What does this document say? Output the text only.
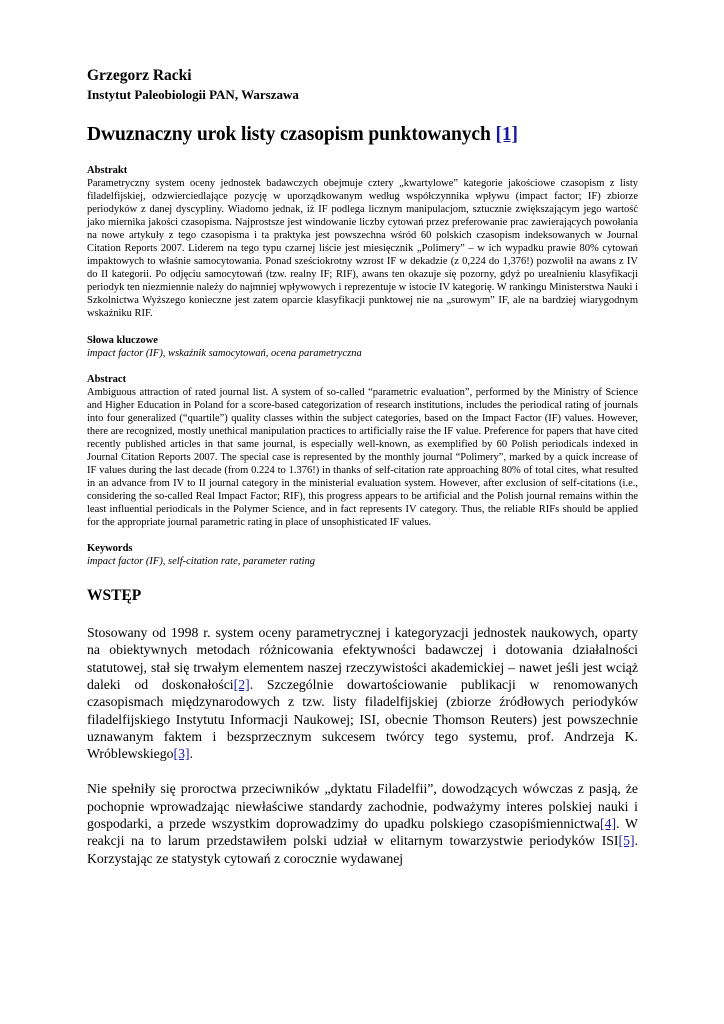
Grzegorz Racki

Instytut Paleobiologii PAN, Warszawa

Dwuznaczny urok listy czasopism punktowanych [1]

Abstrakt

Parametryczny system oceny jednostek badawczych obejmuje cztery „kwartylowe” kategorie jakościowe czasopism z listy filadelfijskiej, odzwierciedlające pozycję w uporządkowanym według współczynnika wpływu (impact factor; IF) zbiorze periodyków z danej dyscypliny. Wiadomo jednak, iż IF podlega licznym manipulacjom, sztucznie zwiększającym jego wartość jako miernika jakości czasopisma. Najprostsze jest windowanie liczby cytowań przez preferowanie prac zawierających powołania na nowe artykuły z tego czasopisma i ta praktyka jest powszechna wśród 60 polskich czasopism indeksowanych w Journal Citation Reports 2007. Liderem na tego typu czarnej liście jest miesięcznik „Polimery” – w ich wypadku prawie 80% cytowań impaktowych to właśnie samocytowania. Ponad sześciokrotny wzrost IF w dekadzie (z 0,224 do 1,376!) pozwolił na awans z IV do II kategorii. Po odjęciu samocytowań (tzw. realny IF; RIF), awans ten okazuje się pozorny, gdyż po urealnieniu klasyfikacji periodyk ten niezmiennie należy do najmniej wpływowych i reprezentuje w istocie IV kategorię. W rankingu Ministerstwa Nauki i Szkolnictwa Wyższego konieczne jest zatem oparcie klasyfikacji punktowej nie na „surowym” IF, ale na bardziej wiarygodnym wskaźniku RIF.

Słowa kluczowe

impact factor (IF), wskaźnik samocytowań, ocena parametryczna

Abstract

Ambiguous attraction of rated journal list. A system of so-called “parametric evaluation”, performed by the Ministry of Science and Higher Education in Poland for a score-based categorization of research institutions, includes the periodical rating of journals into four generalized (“quartile”) quality classes within the subject categories, based on the Impact Factor (IF) values. However, there are recognized, mostly unethical manipulation practices to artificially raise the IF value. Preference for papers that have cited recently published articles in that same journal, is especially well-known, as exemplified by 60 Polish periodicals indexed in Journal Citation Reports 2007. The special case is represented by the monthly journal “Polimery”, marked by a quick increase of IF values during the last decade (from 0.224 to 1.376!) in thanks of self-citation rate approaching 80% of total cites, what resulted in an advance from IV to II journal category in the ministerial evaluation system. However, after exclusion of self-citations (i.e., considering the so-called Real Impact Factor; RIF), this progress appears to be artificial and the Polish journal remains within the least influential periodicals in the Polymer Science, and in fact represents IV category. Thus, the reliable RIFs should be applied for the appropriate journal parametric rating in place of unsophisticated IF values.

Keywords

impact factor (IF), self-citation rate, parameter rating

WSTĘP

Stosowany od 1998 r. system oceny parametrycznej i kategoryzacji jednostek naukowych, oparty na obiektywnych metodach różnicowania efektywności badawczej i dotowania działalności statutowej, stał się trwałym elementem naszej rzeczywistości akademickiej – nawet jeśli jest wciąż daleki od doskonałości[2]. Szczególnie dowartościowanie publikacji w renomowanych czasopismach międzynarodowych z tzw. listy filadelfijskiej (zbiorze źródłowych periodyków filadelfijskiego Instytutu Informacji Naukowej; ISI, obecnie Thomson Reuters) jest powszechnie uznawanym faktem i bezsprzecznym sukcesem twórcy tego systemu, prof. Andrzeja K. Wróblewskiego[3].

Nie spełniły się proroctwa przeciwników „dyktatu Filadelfii”, dowodzących wówczas z pasją, że pochopnie wprowadzając niewłaściwe standardy zachodnie, podważymy interes polskiej nauki i gospodarki, a przede wszystkim doprowadzimy do upadku polskiego czasopiśmiennictwa[4]. W reakcji na to larum przedstawiłem polski udział w elitarnym towarzystwie periodyków ISI[5]. Korzystając ze statystyk cytowań z corocznie wydawanej
